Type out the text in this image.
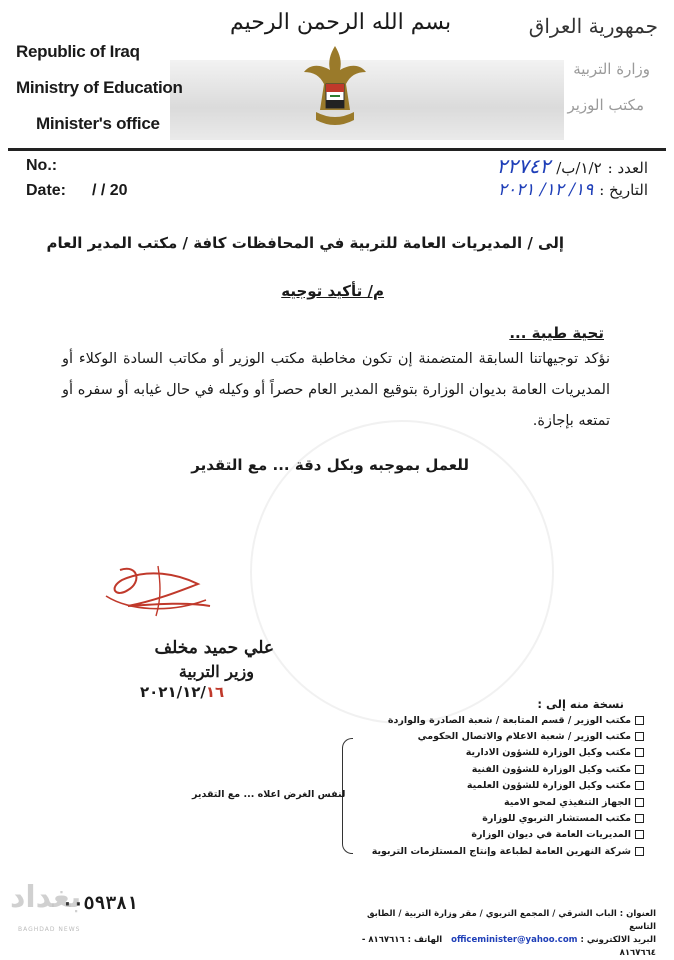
Republic of Iraq
Ministry of Education
Minister's office
بسم الله الرحمن الرحيم	جمهورية العراق
وزارة التربية
مكتب الوزير
No.:
Date: / / 20
العدد :
١/٢/ب/
٢٢٧٤٢
التاريخ :
١٩/ ١٢/ ٢٠٢١
إلى / المديريات العامة للتربية في المحافظات كافة / مكتب المدير العام
م/ تأكيد توجيه
تحية طيبة ...
نؤكد توجيهاتنا السابقة المتضمنة إن تكون مخاطبة مكتب الوزير أو مكاتب السادة الوكلاء أو المديريات العامة بديوان الوزارة بتوقيع المدير العام حصراً أو وكيله في حال غيابه أو سفره أو تمتعه بإجازة.
للعمل بموجبه وبكل دقة ... مع التقدير
علي حميد مخلف
وزير التربية
٢٠٢١/١٢/١٦
نسخة منه إلى :
مكتب الوزير / قسم المتابعة / شعبة الصادرة والواردة
مكتب الوزير / شعبة الاعلام والاتصال الحكومي
مكتب وكيل الوزارة للشؤون الادارية
مكتب وكيل الوزارة للشؤون الفنية
مكتب وكيل الوزارة للشؤون العلمية
الجهاز التنفيذي لمحو الامية
مكتب المستشار التربوي للوزارة
المديريات العامة في ديوان الوزارة
شركة النهرين العامة لطباعة وإنتاج المستلزمات التربوية
لنفس الغرض اعلاه ... مع التقدير
٠٠٥٩٣٨١
بغداد
BAGHDAD NEWS
العنوان : الباب الشرقي / المجمع التربوي / مقر وزارة التربية / الطابق التاسع
البريد الالكتروني : officeminister@yahoo.com   الهاتف : ٨١٦٧٦١٦ - ٨١٦٧٦٦٤
